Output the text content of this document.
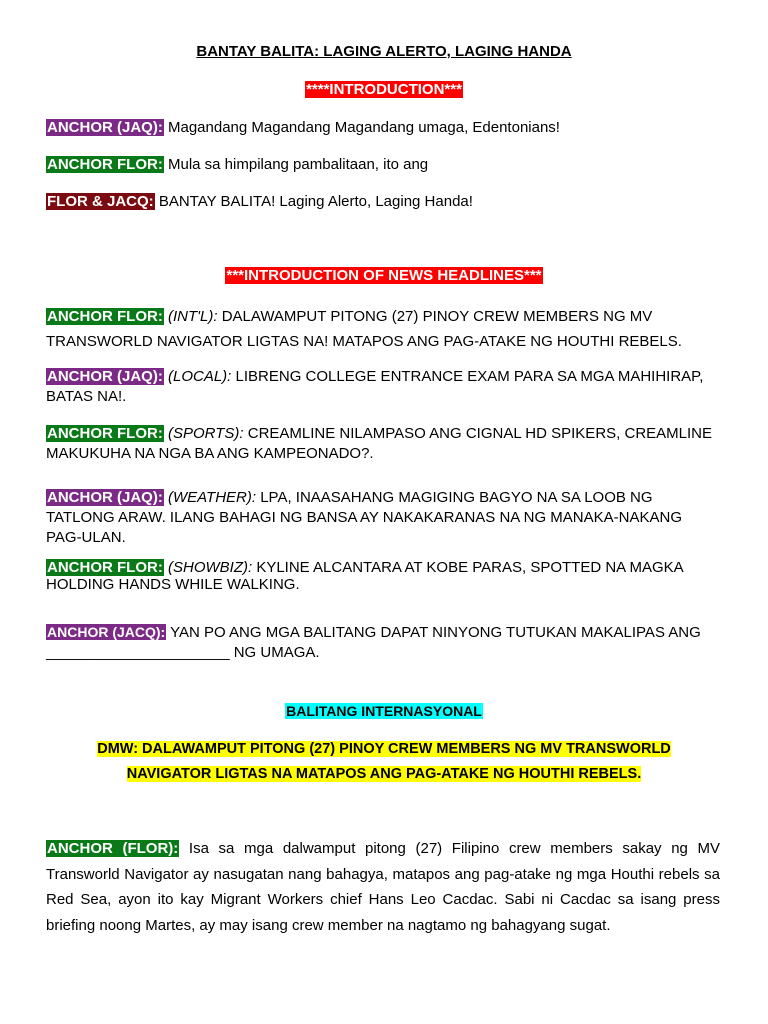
BANTAY BALITA: LAGING ALERTO, LAGING HANDA
****INTRODUCTION***
ANCHOR (JAQ): Magandang Magandang Magandang umaga, Edentonians!
ANCHOR FLOR: Mula sa himpilang pambalitaan, ito ang
FLOR & JACQ: BANTAY BALITA! Laging Alerto, Laging Handa!
***INTRODUCTION OF NEWS HEADLINES***
ANCHOR FLOR: (INT'L): DALAWAMPUT PITONG (27) PINOY CREW MEMBERS NG MV TRANSWORLD NAVIGATOR LIGTAS NA! MATAPOS ANG PAG-ATAKE NG HOUTHI REBELS.
ANCHOR (JAQ): (LOCAL): LIBRENG COLLEGE ENTRANCE EXAM PARA SA MGA MAHIHIRAP, BATAS NA!.
ANCHOR FLOR: (SPORTS): CREAMLINE NILAMPASO ANG CIGNAL HD SPIKERS, CREAMLINE MAKUKUHA NA NGA BA ANG KAMPEONADO?.
ANCHOR (JAQ): (WEATHER): LPA, INAASAHANG MAGIGING BAGYO NA SA LOOB NG TATLONG ARAW. ILANG BAHAGI NG BANSA AY NAKAKARANAS NA NG MANAKA-NAKANG PAG-ULAN.
ANCHOR FLOR: (SHOWBIZ): KYLINE ALCANTARA AT KOBE PARAS, SPOTTED NA MAGKA HOLDING HANDS WHILE WALKING.
ANCHOR (JACQ): YAN PO ANG MGA BALITANG DAPAT NINYONG TUTUKAN MAKALIPAS ANG ______________________ NG UMAGA.
BALITANG INTERNASYONAL
DMW: DALAWAMPUT PITONG (27) PINOY CREW MEMBERS NG MV TRANSWORLD NAVIGATOR LIGTAS NA MATAPOS ANG PAG-ATAKE NG HOUTHI REBELS.
ANCHOR (FLOR): Isa sa mga dalwamput pitong (27) Filipino crew members sakay ng MV Transworld Navigator ay nasugatan nang bahagya, matapos ang pag-atake ng mga Houthi rebels sa Red Sea, ayon ito kay Migrant Workers chief Hans Leo Cacdac. Sabi ni Cacdac sa isang press briefing noong Martes, ay may isang crew member na nagtamo ng bahagyang sugat.
